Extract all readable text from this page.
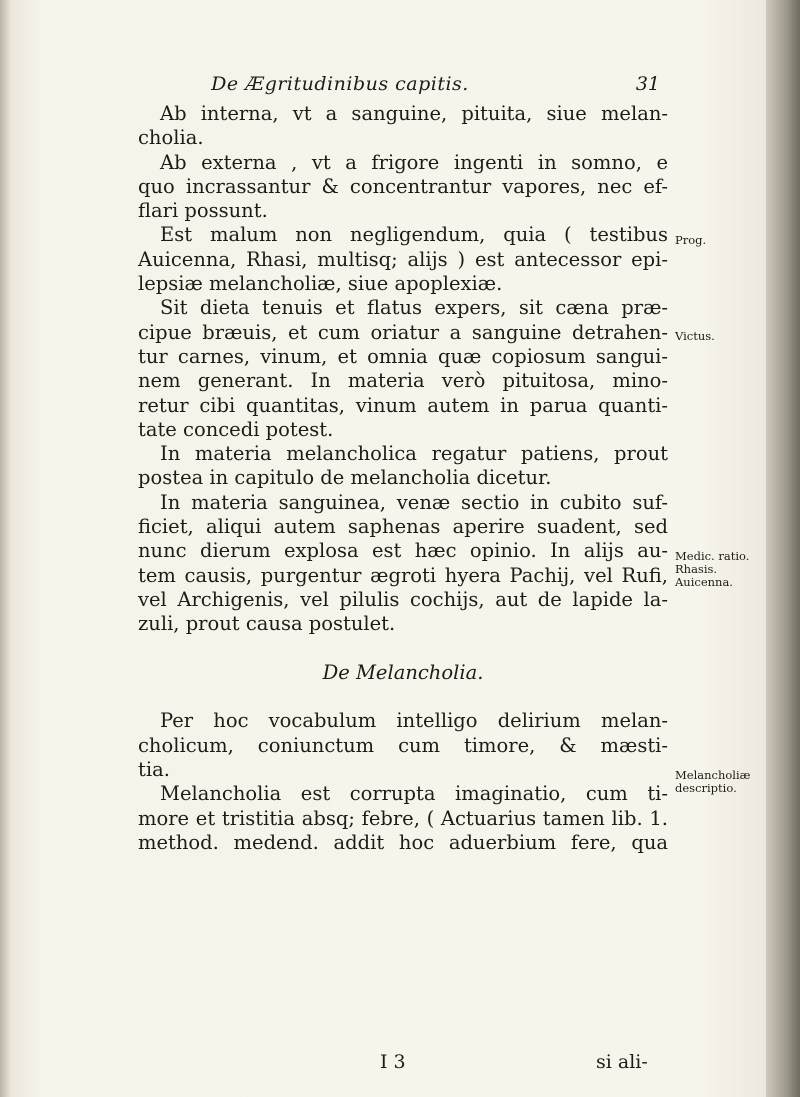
De Ægritudinibus capitis.	31
Ab interna, vt a sanguine, pituita, siue melan-
cholia.
Ab externa , vt a frigore ingenti in somno, e
quo incrassantur & concentrantur vapores, nec ef-
flari possunt.
Est malum non negligendum, quia ( testibus
Auicenna, Rhasi, multisq; alijs ) est antecessor epi-
lepsiæ melancholiæ, siue apoplexiæ.
Sit dieta tenuis et flatus expers, sit cæna præ-
cipue bræuis, et cum oriatur a sanguine detrahen-
tur carnes, vinum, et omnia quæ copiosum sangui-
nem generant. In materia verò pituitosa, mino-
retur cibi quantitas, vinum autem in parua quanti-
tate concedi potest.
In materia melancholica regatur patiens, prout
postea in capitulo de melancholia dicetur.
In materia sanguinea, venæ sectio in cubito suf-
ficiet, aliqui autem saphenas aperire suadent, sed
nunc dierum explosa est hæc opinio. In alijs au-
tem causis, purgentur ægroti hyera Pachij, vel Rufi,
vel Archigenis, vel pilulis cochijs, aut de lapide la-
zuli, prout causa postulet.
De Melancholia.
Per hoc vocabulum intelligo delirium melan-
cholicum, coniunctum cum timore, & mæsti-
tia.
Melancholia est corrupta imaginatio, cum ti-
more et tristitia absq; febre, ( Actuarius tamen lib. 1.
method. medend. addit hoc aduerbium fere, qua
Prog.
Victus.
Medic. ratio.
Rhasis.
Auicenna.
Melancholiæ
descriptio.
I 3	si ali-
